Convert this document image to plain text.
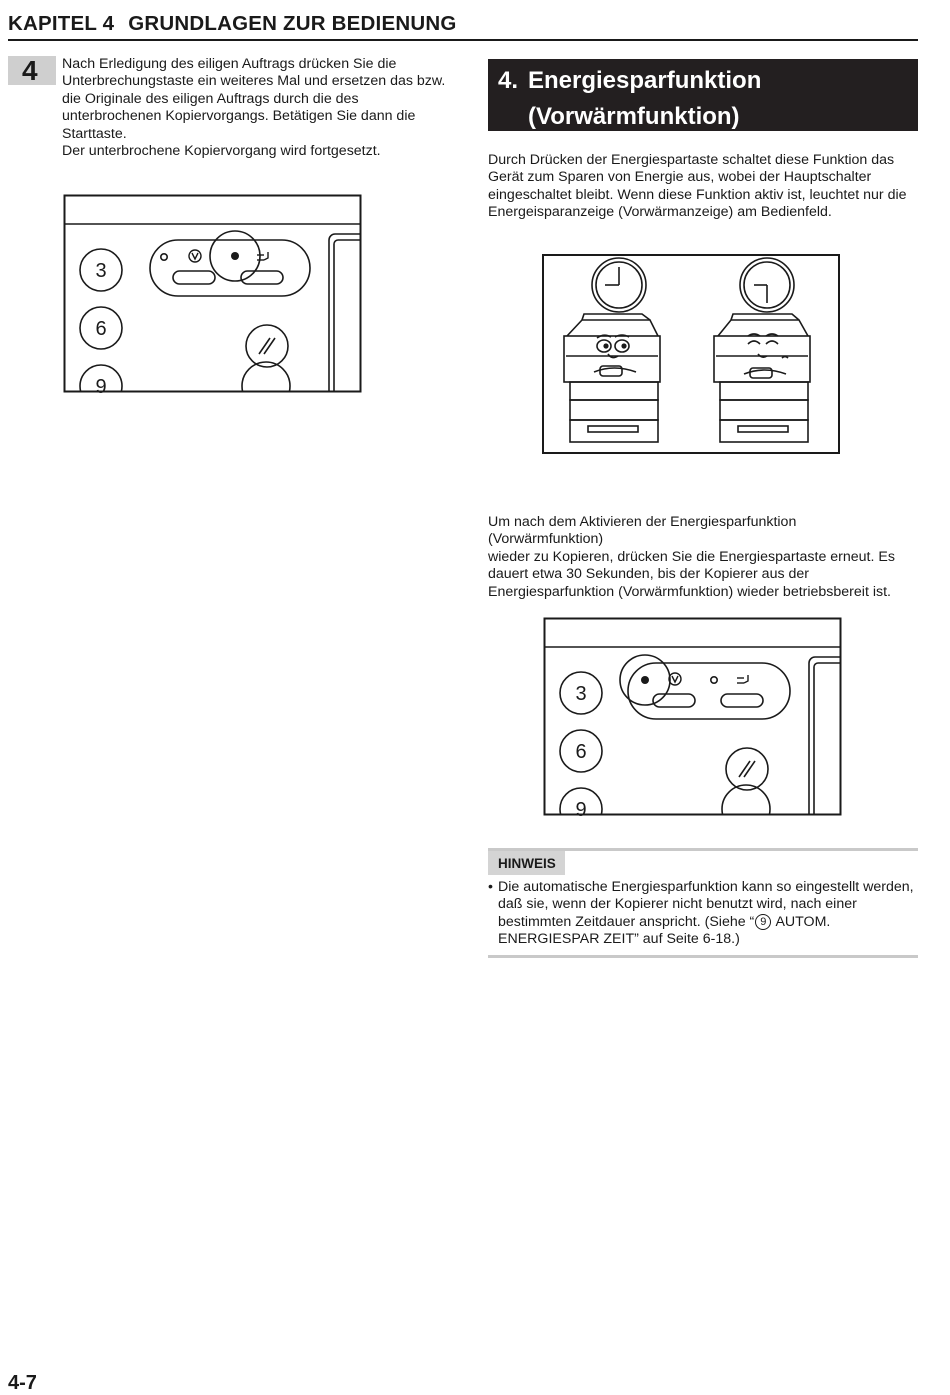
KAPITEL 4 GRUNDLAGEN ZUR BEDIENUNG
4	Nach Erledigung des eiligen Auftrags drücken Sie die

Unterbrechungstaste ein weiteres Mal und ersetzen das bzw.

die Originale des eiligen Auftrags durch die des

unterbrochenen Kopiervorgangs. Betätigen Sie dann die

Starttaste.

Der unterbrochene Kopiervorgang wird fortgesetzt.

3
6
9
4. Energiesparfunktion
(Vorwärmfunktion)
Durch Drücken der Energiespartaste schaltet diese Funktion das
Gerät zum Sparen von Energie aus, wobei der Hauptschalter
eingeschaltet bleibt. Wenn diese Funktion aktiv ist, leuchtet nur die
Energeisparanzeige (Vorwärmanzeige) am Bedienfeld.
Um nach dem Aktivieren der Energiesparfunktion (Vorwärmfunktion)
wieder zu Kopieren, drücken Sie die Energiespartaste erneut. Es
dauert etwa 30 Sekunden, bis der Kopierer aus der
Energiesparfunktion (Vorwärmfunktion) wieder betriebsbereit ist.
3
6
9
HINWEIS
• Die automatische Energiesparfunktion kann so eingestellt werden,
daß sie, wenn der Kopierer nicht benutzt wird, nach einer
bestimmten Zeitdauer anspricht. (Siehe “ 9 AUTOM.
ENERGIESPAR ZEIT” auf Seite 6-18.)
4-7
